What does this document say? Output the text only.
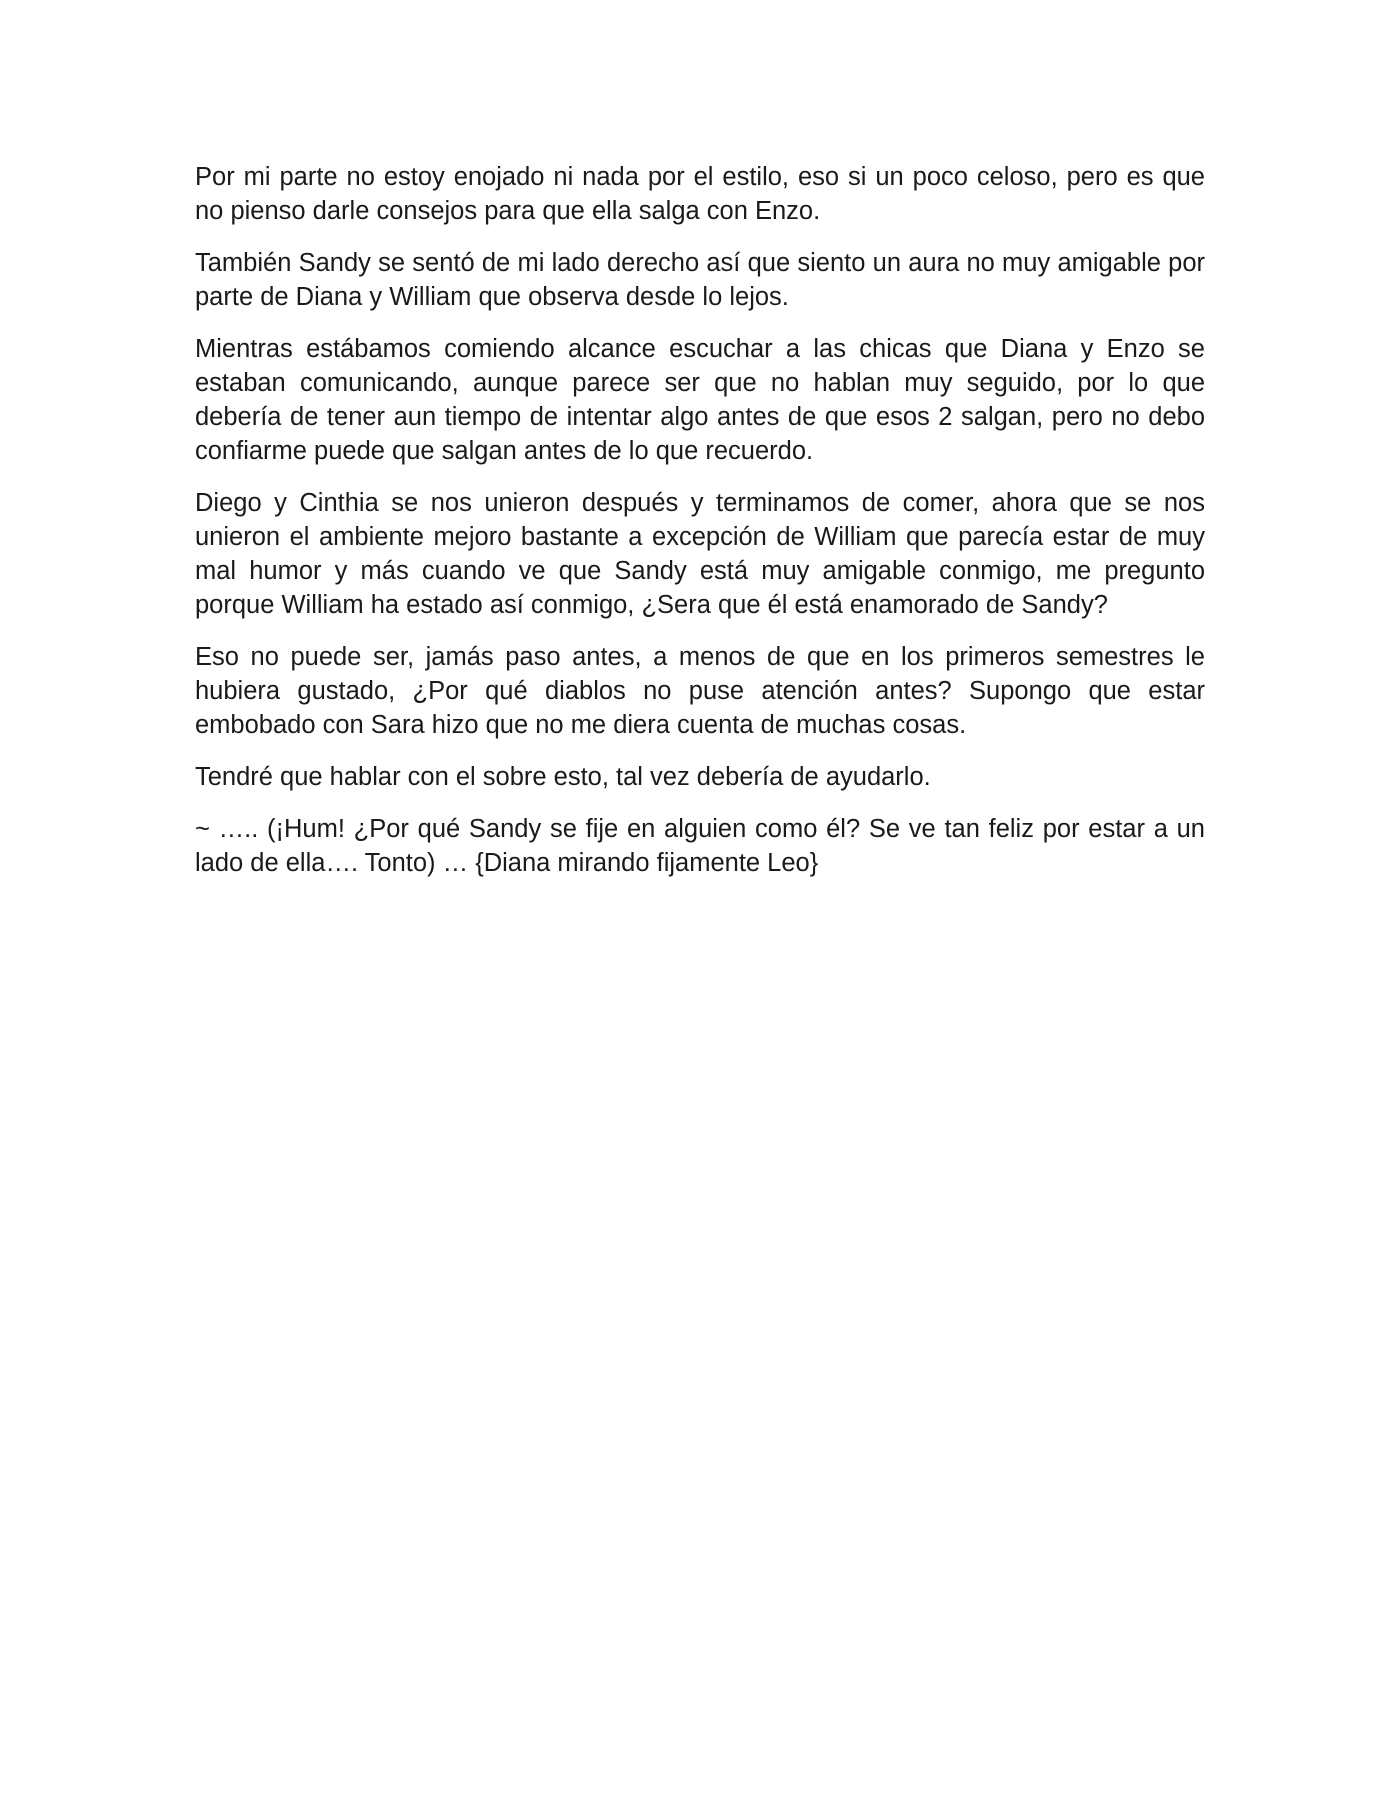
Por mi parte no estoy enojado ni nada por el estilo, eso si un poco celoso, pero es que no pienso darle consejos para que ella salga con Enzo.

También Sandy se sentó de mi lado derecho así que siento un aura no muy amigable por parte de Diana y William que observa desde lo lejos.

Mientras estábamos comiendo alcance escuchar a las chicas que Diana y Enzo se estaban comunicando, aunque parece ser que no hablan muy seguido, por lo que debería de tener aun tiempo de intentar algo antes de que esos 2 salgan, pero no debo confiarme puede que salgan antes de lo que recuerdo.

Diego y Cinthia se nos unieron después y terminamos de comer, ahora que se nos unieron el ambiente mejoro bastante a excepción de William que parecía estar de muy mal humor y más cuando ve que Sandy está muy amigable conmigo, me pregunto porque William ha estado así conmigo, ¿Sera que él está enamorado de Sandy?

Eso no puede ser, jamás paso antes, a menos de que en los primeros semestres le hubiera gustado, ¿Por qué diablos no puse atención antes? Supongo que estar embobado con Sara hizo que no me diera cuenta de muchas cosas.

Tendré que hablar con el sobre esto, tal vez debería de ayudarlo.

~ ….. (¡Hum! ¿Por qué Sandy se fije en alguien como él? Se ve tan feliz por estar a un lado de ella…. Tonto) … {Diana mirando fijamente Leo}
